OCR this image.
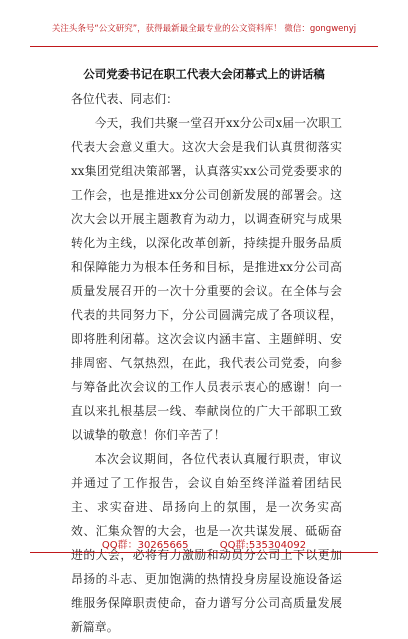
关注头条号“公文研究”，获得最新最全最专业的公文资料库！ 微信：gongwenyj
公司党委书记在职工代表大会闭幕式上的讲话稿

各位代表、同志们：

今天，我们共聚一堂召开xx分公司x届一次职工代表大会意义重大。这次大会是我们认真贯彻落实xx集团党组决策部署，认真落实xx公司党委要求的工作会，也是推进xx分公司创新发展的部署会。这次大会以开展主题教育为动力，以调查研究与成果转化为主线，以深化改革创新，持续提升服务品质和保障能力为根本任务和目标，是推进xx分公司高质量发展召开的一次十分重要的会议。在全体与会代表的共同努力下，分公司圆满完成了各项议程，即将胜利闭幕。这次会议内涵丰富、主题鲜明、安排周密、气氛热烈，在此，我代表公司党委，向参与筹备此次会议的工作人员表示衷心的感谢！向一直以来扎根基层一线、奉献岗位的广大干部职工致以诚挚的敬意！你们辛苦了！

本次会议期间，各位代表认真履行职责，审议并通过了工作报告，会议自始至终洋溢着团结民主、求实奋进、昂扬向上的氛围，是一次务实高效、汇集众智的大会，也是一次共谋发展、砥砺奋进的大会，必将有力激励和动员分公司上下以更加昂扬的斗志、更加饱满的热情投身房屋设施设备运维服务保障职责使命，奋力谱写分公司高质量发展新篇章。

QQ群：30265665	QQ群:535304092
